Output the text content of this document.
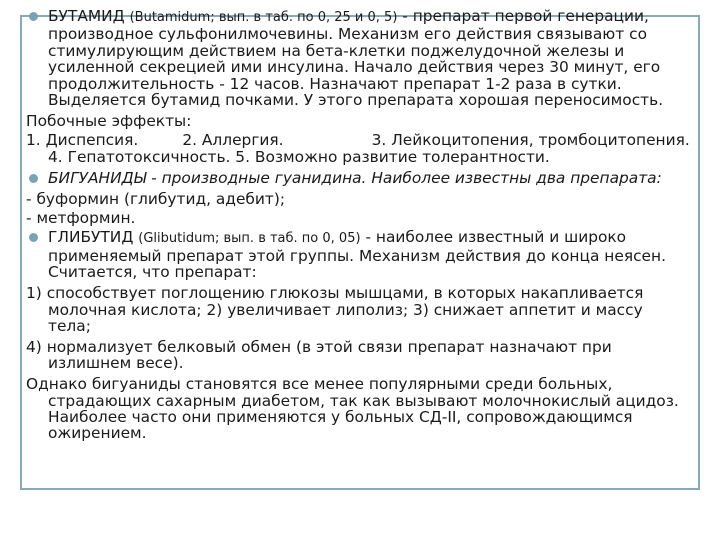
БУТАМИД (Butamidum; вып. в таб. по 0, 25 и 0, 5) - препарат первой генерации, производное сульфонилмочевины. Механизм его действия связывают со стимулирующим действием на бета-клетки поджелудочной железы и усиленной секрецией ими инсулина. Начало действия через 30 минут, его продолжительность - 12 часов. Назначают препарат 1-2 раза в сутки. Выделяется бутамид почками. У этого препарата хорошая переносимость.
Побочные эффекты:
1. Диспепсия.	2. Аллергия.	3. Лейкоцитопения, тромбоцитопения. 4. Гепатотоксичность. 5. Возможно развитие толерантности.
БИГУАНИДЫ - производные гуанидина. Наиболее известны два препарата:
- буформин (глибутид, адебит);
- метформин.
ГЛИБУТИД (Glibutidum; вып. в таб. по 0, 05) - наиболее известный и широко применяемый препарат этой группы. Механизм действия до конца неясен. Считается, что препарат:
1) способствует поглощению глюкозы мышцами, в которых накапливается молочная кислота; 2) увеличивает липолиз; 3) снижает аппетит и массу тела;
4) нормализует белковый обмен (в этой связи препарат назначают при излишнем весе).
Однако бигуаниды становятся все менее популярными среди больных, страдающих сахарным диабетом, так как вызывают молочнокислый ацидоз. Наиболее часто они применяются у больных СД-II, сопровождающимся ожирением.
